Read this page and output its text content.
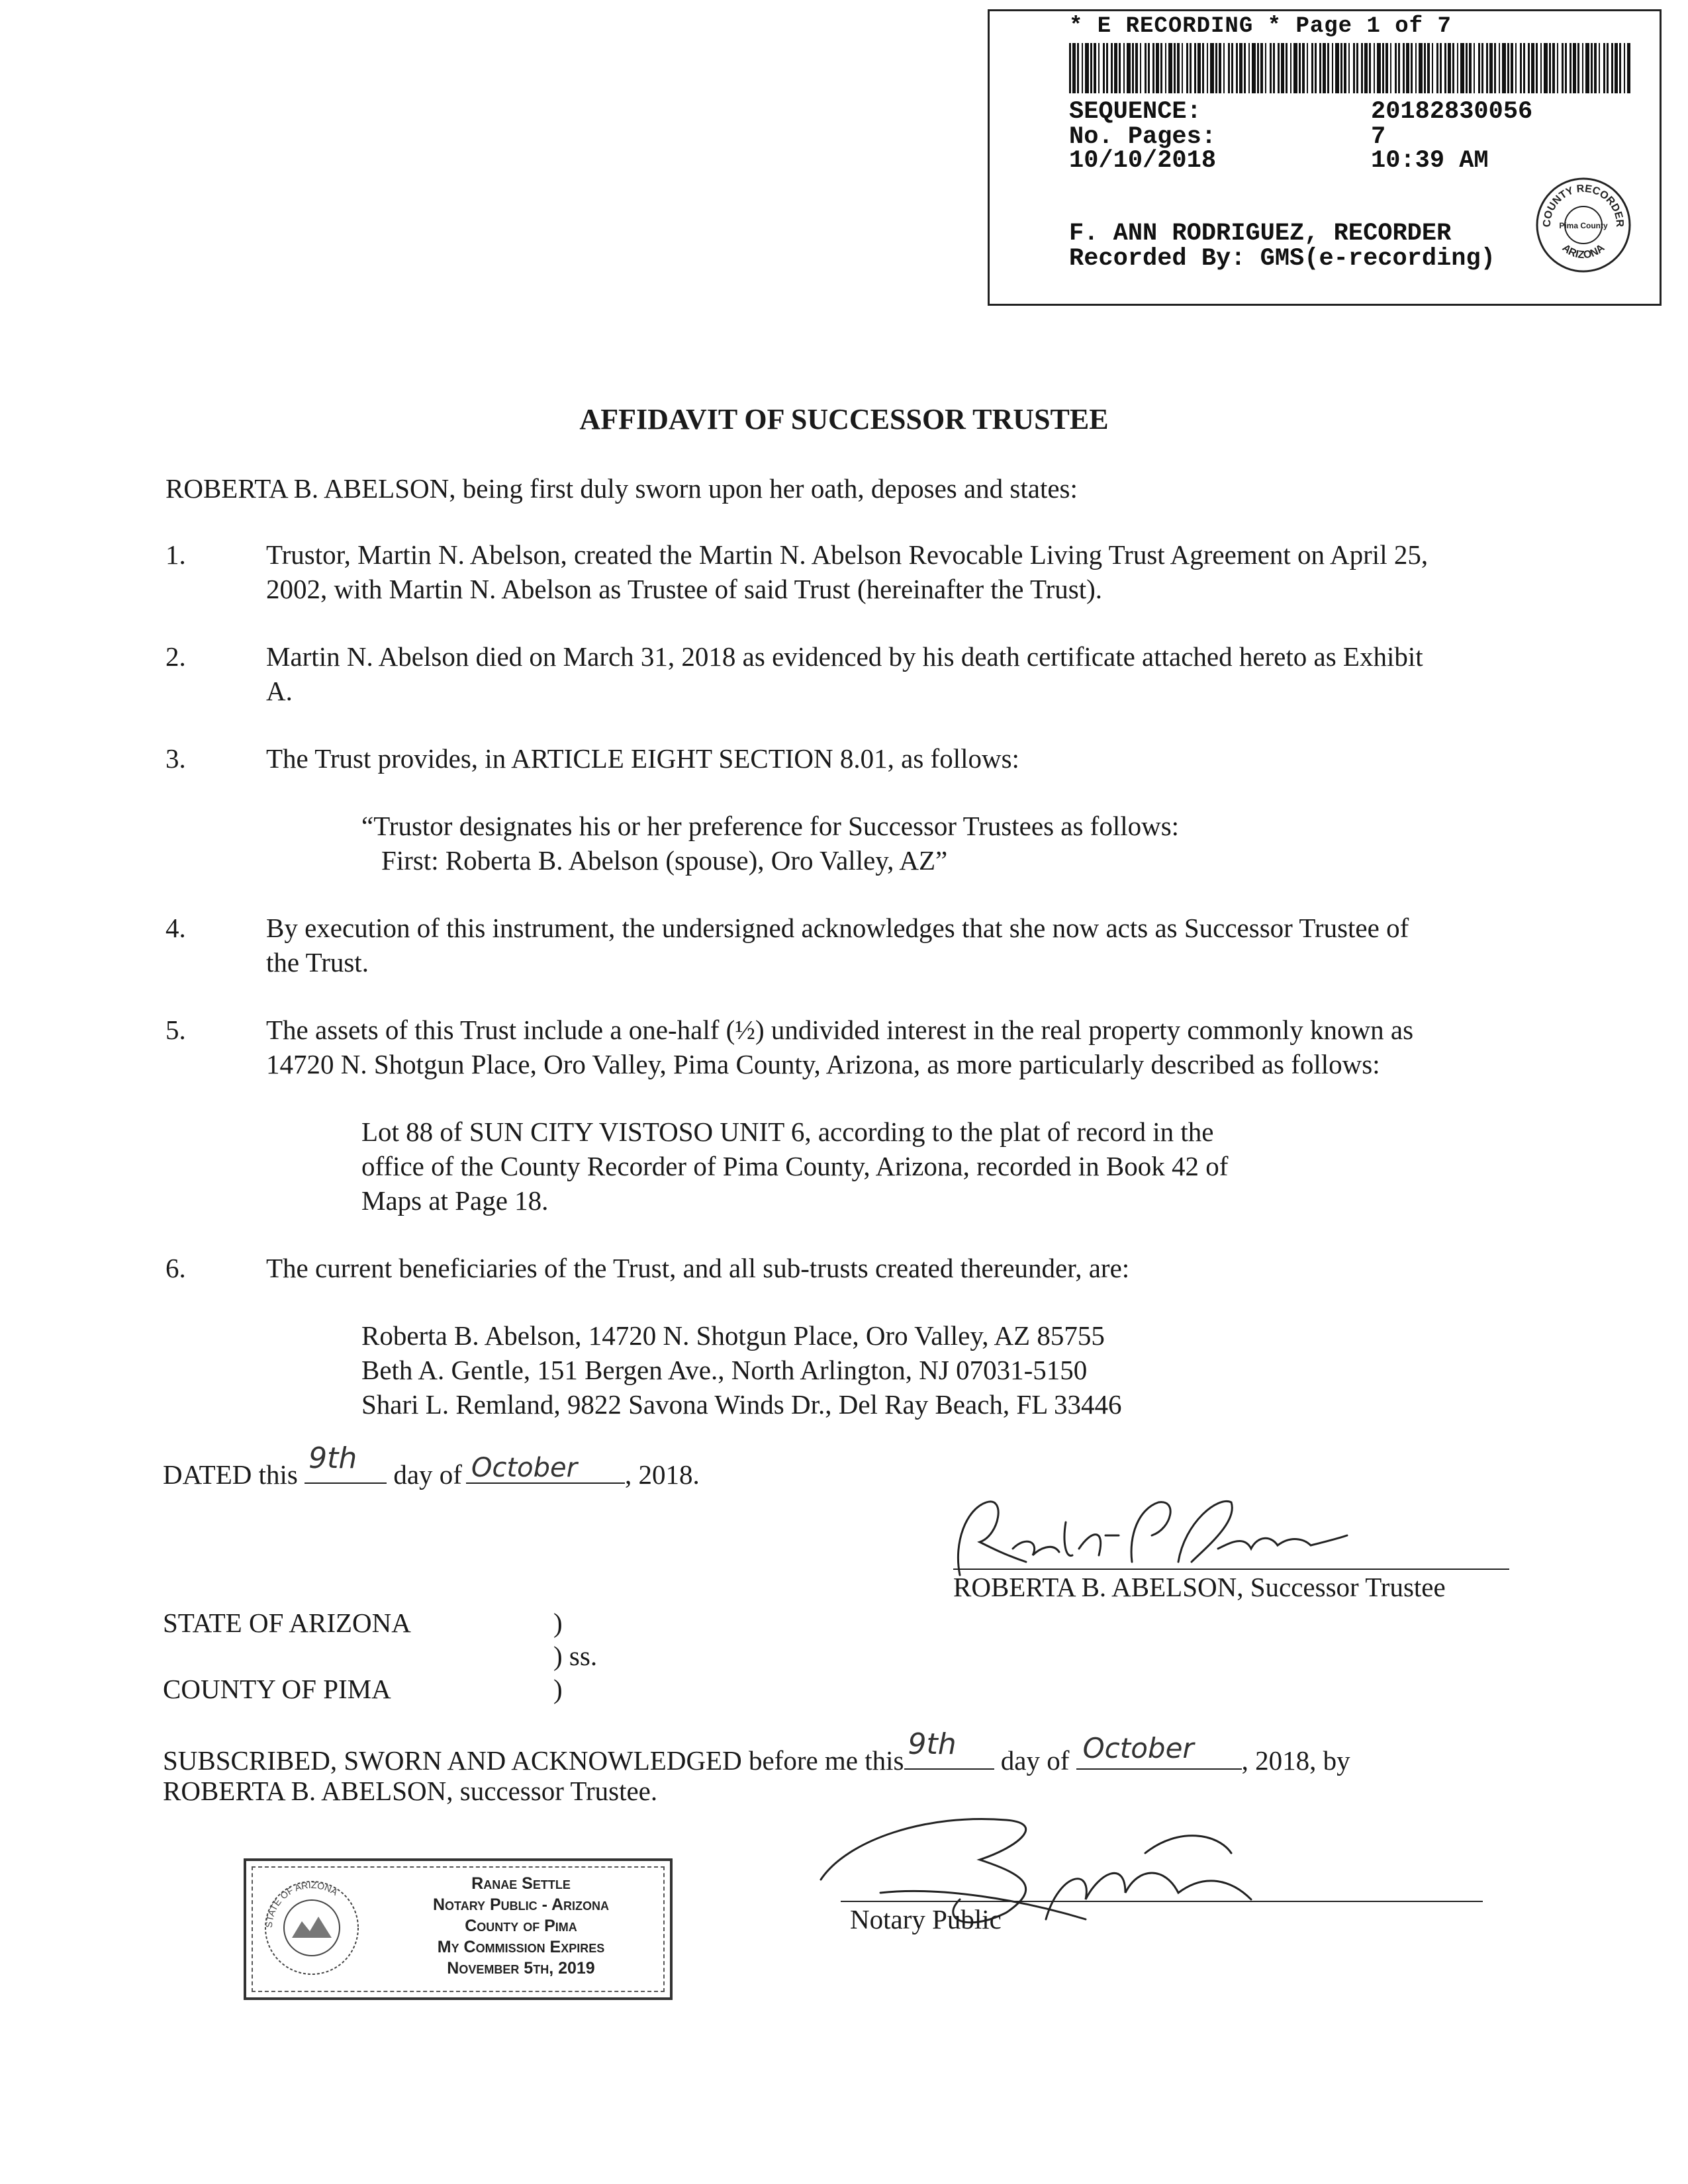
* E RECORDING * Page 1 of 7
SEQUENCE:	20182830056
No. Pages:	7
10/10/2018	10:39 AM
F. ANN RODRIGUEZ, RECORDER
Recorded By: GMS(e-recording)
COUNTY RECORDER
ARIZONA
Pima County
AFFIDAVIT OF SUCCESSOR TRUSTEE
ROBERTA B. ABELSON, being first duly sworn upon her oath, deposes and states:
1.	Trustor, Martin N. Abelson, created the Martin N. Abelson Revocable Living Trust Agreement on April 25,
2002, with Martin N. Abelson as Trustee of said Trust (hereinafter the Trust).
2.	Martin N. Abelson died on March 31, 2018 as evidenced by his death certificate attached hereto as Exhibit
A.
3.	The Trust provides, in ARTICLE EIGHT SECTION 8.01, as follows:
“Trustor designates his or her preference for Successor Trustees as follows:
First: Roberta B. Abelson (spouse), Oro Valley, AZ”
4.	By execution of this instrument, the undersigned acknowledges that she now acts as Successor Trustee of
the Trust.
5.	The assets of this Trust include a one-half (½) undivided interest in the real property commonly known as
14720 N. Shotgun Place, Oro Valley, Pima County, Arizona, as more particularly described as follows:
Lot 88 of SUN CITY VISTOSO UNIT 6, according to the plat of record in the
office of the County Recorder of Pima County, Arizona, recorded in Book 42 of
Maps at Page 18.
6.	The current beneficiaries of the Trust, and all sub-trusts created thereunder, are:
Roberta B. Abelson, 14720 N. Shotgun Place, Oro Valley, AZ 85755
Beth A. Gentle, 151 Bergen Ave., North Arlington, NJ 07031-5150
Shari L. Remland, 9822 Savona Winds Dr., Del Ray Beach, FL 33446
DATED this 9th day of October , 2018.
ROBERTA B. ABELSON, Successor Trustee
STATE OF ARIZONA	)
) ss.
COUNTY OF PIMA	)
SUBSCRIBED, SWORN AND ACKNOWLEDGED before me this 9th day of October , 2018, by
ROBERTA B. ABELSON, successor Trustee.
STATE OF ARIZONA	Ranae Settle
Notary Public - Arizona
County of Pima
My Commission Expires
November 5th, 2019
Notary Public
